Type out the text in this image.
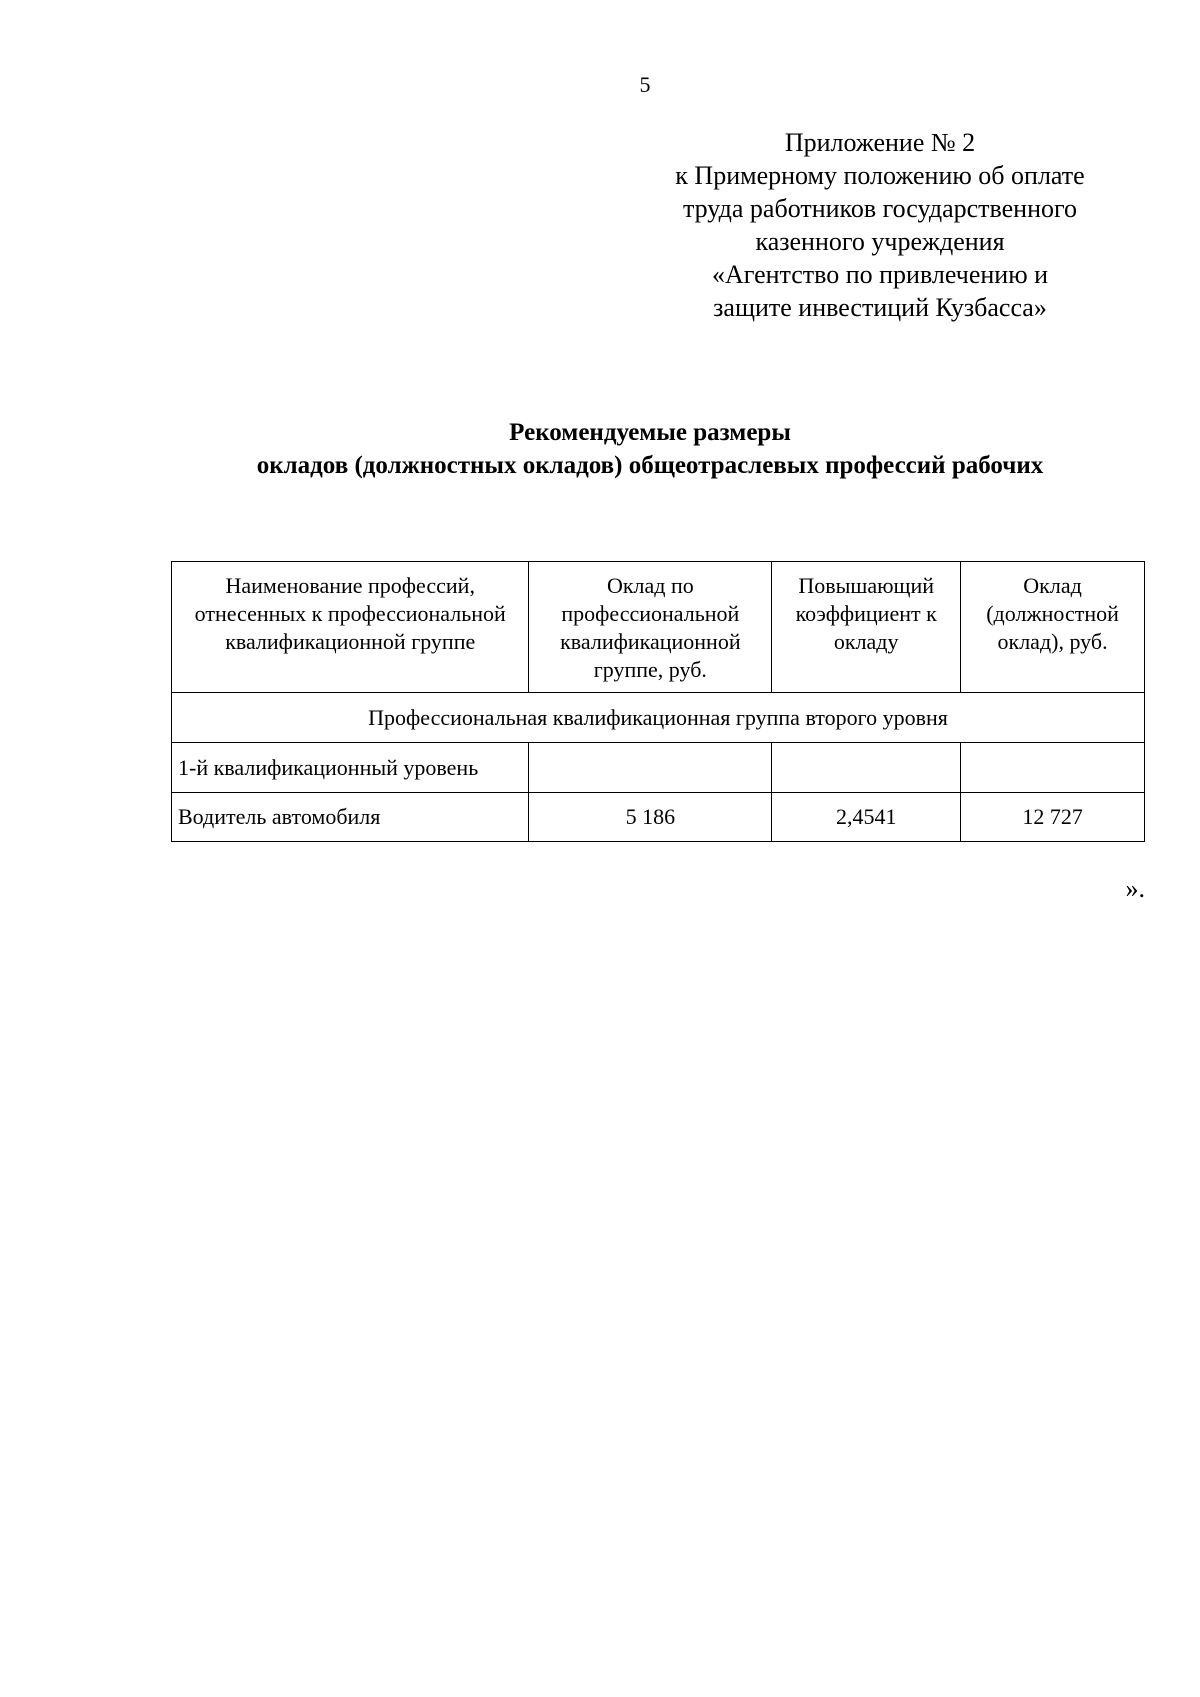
5
Приложение № 2
к Примерному положению об оплате
труда работников государственного
казенного учреждения
«Агентство по привлечению и
защите инвестиций Кузбасса»
Рекомендуемые размеры
окладов (должностных окладов) общеотраслевых профессий рабочих
Наименование профессий, отнесенных к профессиональной квалификационной группе	Оклад по профессиональной квалификационной группе, руб.	Повышающий коэффициент к окладу	Оклад (должностной оклад), руб.
Профессиональная квалификационная группа второго уровня			
1-й квалификационный уровень			
Водитель автомобиля	5 186	2,4541	12 727
».
